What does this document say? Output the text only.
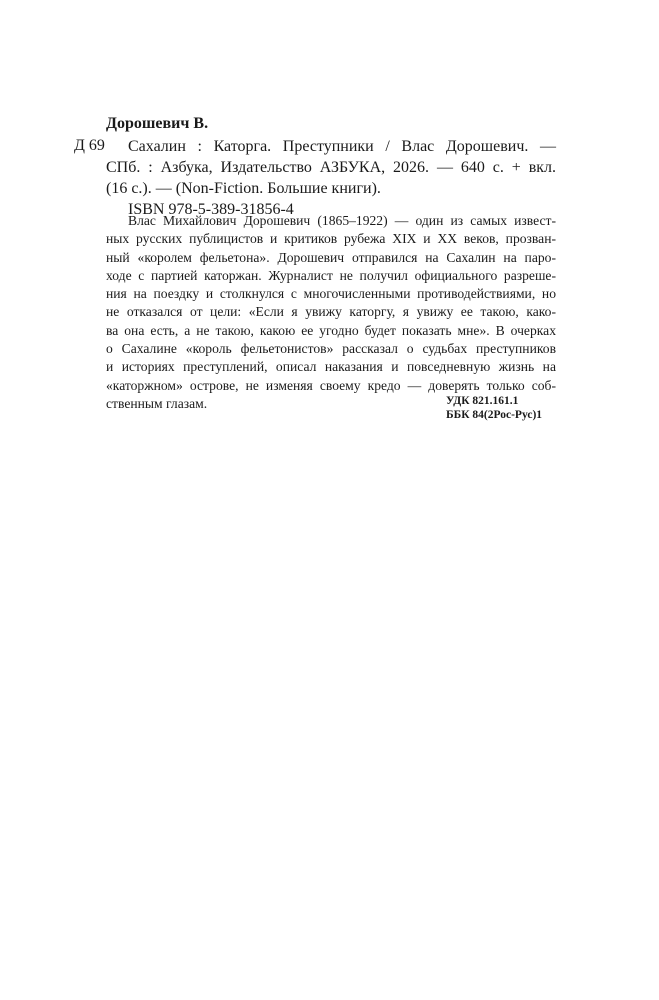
Дорошевич В.
Д 69	Сахалин : Каторга. Преступники / Влас Дорошевич. —
СПб. : Азбука, Издательство АЗБУКА, 2026. — 640 с. + вкл.
(16 с.). — (Non-Fiction. Большие книги).
ISBN 978-5-389-31856-4
Влас Михайлович Дорошевич (1865–1922) — один из самых извест-
ных русских публицистов и критиков рубежа XIX и XX веков, прозван-
ный «королем фельетона». Дорошевич отправился на Сахалин на паро-
ходе с партией каторжан. Журналист не получил официального разреше-
ния на поездку и столкнулся с многочисленными противодействиями, но
не отказался от цели: «Если я увижу каторгу, я увижу ее такою, како-
ва она есть, а не такою, какою ее угодно будет показать мне». В очерках
о Сахалине «король фельетонистов» рассказал о судьбах преступников
и историях преступлений, описал наказания и повседневную жизнь на
«каторжном» острове, не изменяя своему кредо — доверять только соб-
ственным глазам.	УДК 821.161.1
ББК 84(2Рос-Рус)1
